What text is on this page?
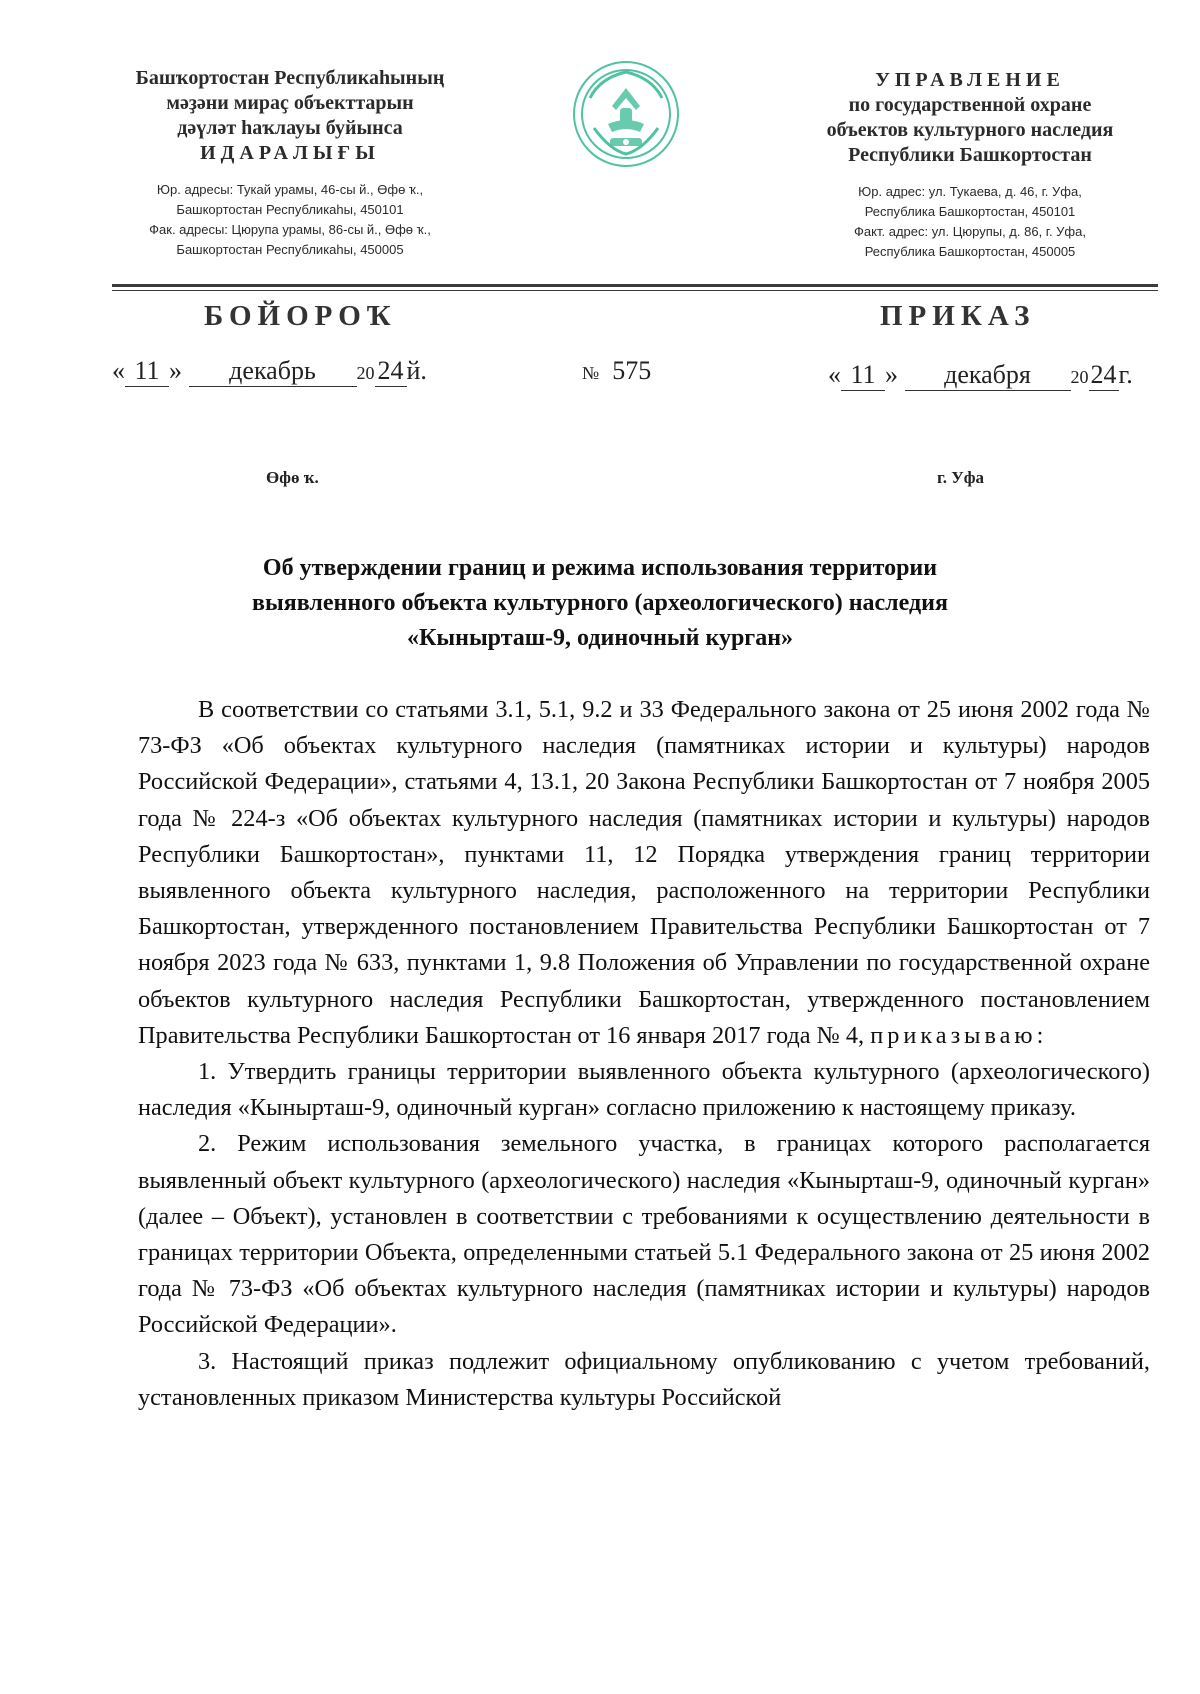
Башҡортостан Республикаһының
мәҙәни мираҫ объекттарын
дәүләт һаҡлауы буйынса
ИДАРАЛЫҒЫ
Юр. адресы: Тукай урамы, 46-сы й., Өфө ҡ.,
Башкортостан Республикаһы, 450101
Фак. адресы: Цюрупа урамы, 86-сы й., Өфө ҡ.,
Башкортостан Республикаһы, 450005
УПРАВЛЕНИЕ
по государственной охране
объектов культурного наследия
Республики Башкортостан
Юр. адрес: ул. Тукаева, д. 46, г. Уфа,
Республика Башкортостан, 450101
Факт. адрес: ул. Цюрупы, д. 86, г. Уфа,
Республика Башкортостан, 450005
БОЙОРОҠ	ПРИКАЗ
« 11 » декабрь 20 24 й.	№ 575	« 11 » декабря 2024г.
Өфө ҡ.	г. Уфа
Об утверждении границ и режима использования территории
выявленного объекта культурного (археологического) наследия
«Кынырташ-9, одиночный курган»

В соответствии со статьями 3.1, 5.1, 9.2 и 33 Федерального закона от 25 июня 2002 года № 73-ФЗ «Об объектах культурного наследия (памятниках истории и культуры) народов Российской Федерации», статьями 4, 13.1, 20 Закона Республики Башкортостан от 7 ноября 2005 года № 224-з «Об объектах культурного наследия (памятниках истории и культуры) народов Республики Башкортостан», пунктами 11, 12 Порядка утверждения границ территории выявленного объекта культурного наследия, расположенного на территории Республики Башкортостан, утвержденного постановлением Правительства Республики Башкортостан от 7 ноября 2023 года № 633, пунктами 1, 9.8 Положения об Управлении по государственной охране объектов культурного наследия Республики Башкортостан, утвержденного постановлением Правительства Республики Башкортостан от 16 января 2017 года № 4, приказываю:

1. Утвердить границы территории выявленного объекта культурного (археологического) наследия «Кынырташ-9, одиночный курган» согласно приложению к настоящему приказу.

2. Режим использования земельного участка, в границах которого располагается выявленный объект культурного (археологического) наследия «Кынырташ-9, одиночный курган» (далее – Объект), установлен в соответствии с требованиями к осуществлению деятельности в границах территории Объекта, определенными статьей 5.1 Федерального закона от 25 июня 2002 года № 73-ФЗ «Об объектах культурного наследия (памятниках истории и культуры) народов Российской Федерации».

3. Настоящий приказ подлежит официальному опубликованию с учетом требований, установленных приказом Министерства культуры Российской
